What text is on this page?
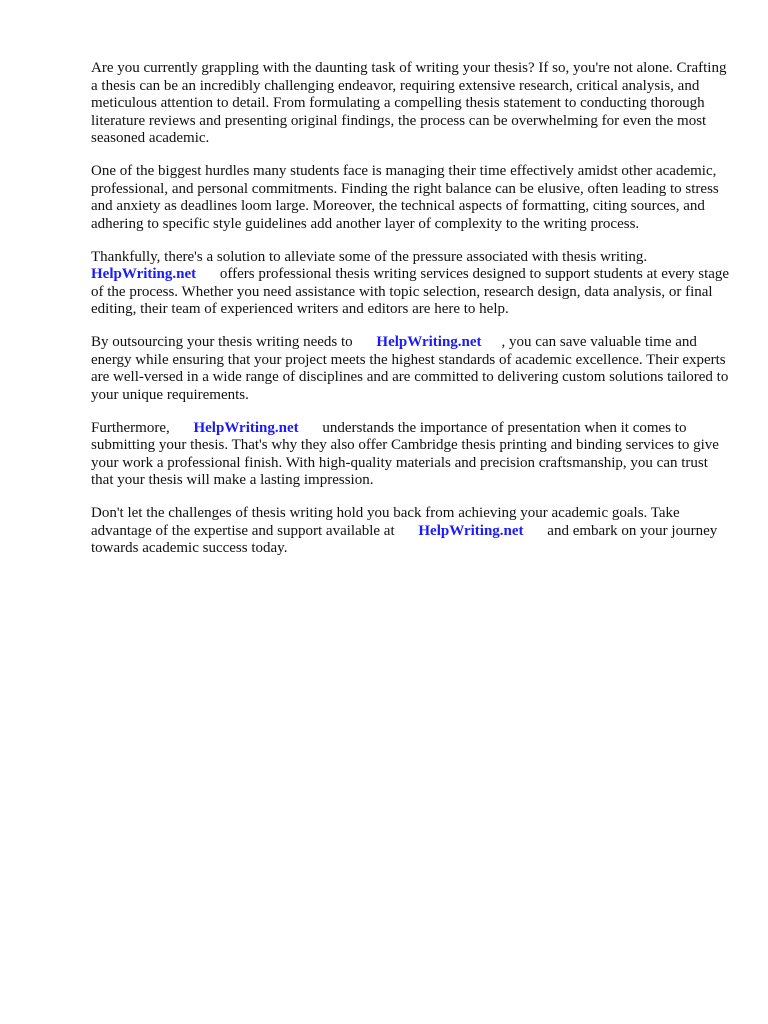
Are you currently grappling with the daunting task of writing your thesis? If so, you're not alone. Crafting a thesis can be an incredibly challenging endeavor, requiring extensive research, critical analysis, and meticulous attention to detail. From formulating a compelling thesis statement to conducting thorough literature reviews and presenting original findings, the process can be overwhelming for even the most seasoned academic.

One of the biggest hurdles many students face is managing their time effectively amidst other academic, professional, and personal commitments. Finding the right balance can be elusive, often leading to stress and anxiety as deadlines loom large. Moreover, the technical aspects of formatting, citing sources, and adhering to specific style guidelines add another layer of complexity to the writing process.

Thankfully, there's a solution to alleviate some of the pressure associated with thesis writing. HelpWriting.net offers professional thesis writing services designed to support students at every stage of the process. Whether you need assistance with topic selection, research design, data analysis, or final editing, their team of experienced writers and editors are here to help.

By outsourcing your thesis writing needs to HelpWriting.net , you can save valuable time and energy while ensuring that your project meets the highest standards of academic excellence. Their experts are well-versed in a wide range of disciplines and are committed to delivering custom solutions tailored to your unique requirements.

Furthermore, HelpWriting.net understands the importance of presentation when it comes to submitting your thesis. That's why they also offer Cambridge thesis printing and binding services to give your work a professional finish. With high-quality materials and precision craftsmanship, you can trust that your thesis will make a lasting impression.

Don't let the challenges of thesis writing hold you back from achieving your academic goals. Take advantage of the expertise and support available at HelpWriting.net and embark on your journey towards academic success today.
